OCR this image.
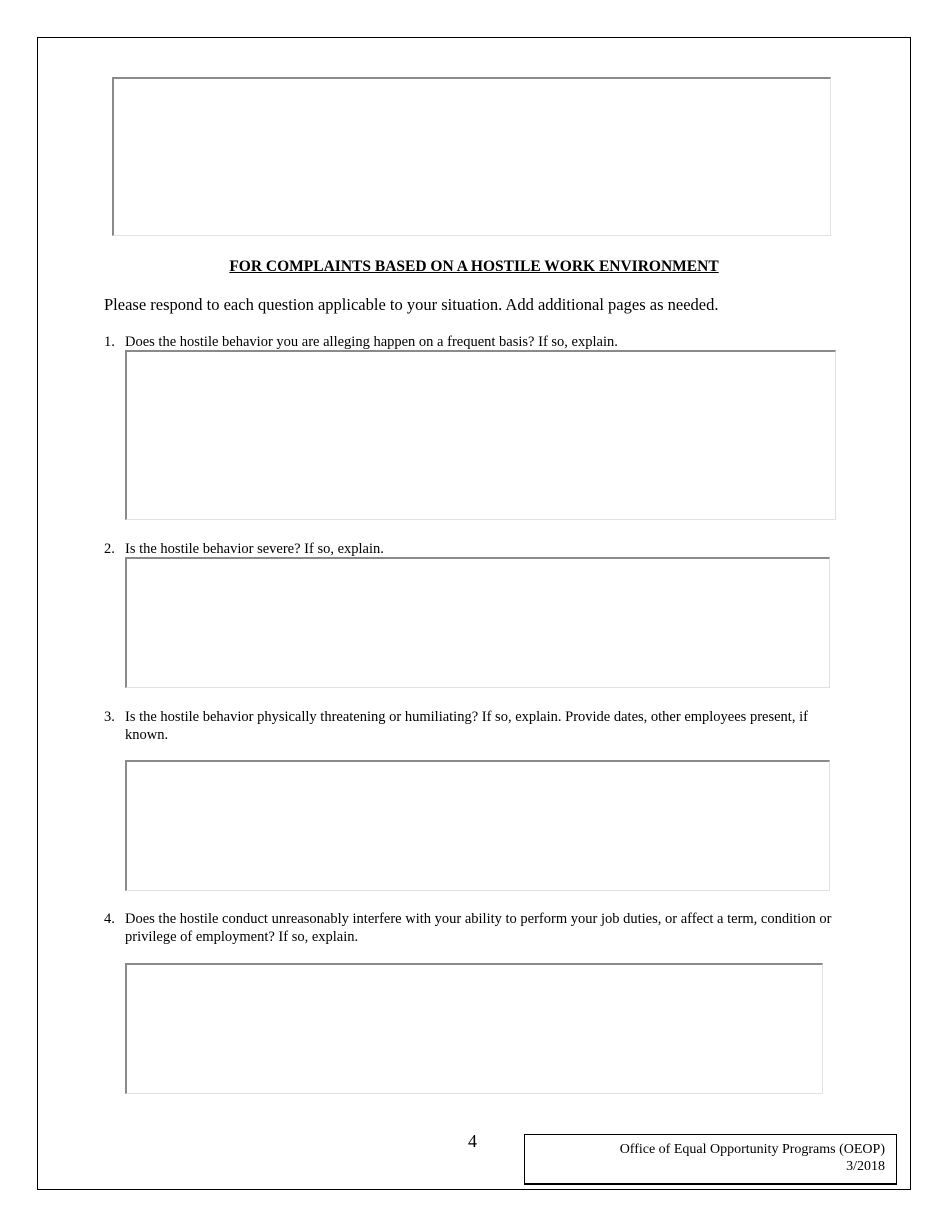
FOR COMPLAINTS BASED ON A HOSTILE WORK ENVIRONMENT
Please respond to each question applicable to your situation. Add additional pages as needed.
1. Does the hostile behavior you are alleging happen on a frequent basis? If so, explain.
2. Is the hostile behavior severe? If so, explain.
3. Is the hostile behavior physically threatening or humiliating? If so, explain. Provide dates, other employees present, if
known.
4. Does the hostile conduct unreasonably interfere with your ability to perform your job duties, or affect a term, condition or
privilege of employment? If so, explain.
4	Office of Equal Opportunity Programs (OEOP)
3/2018
